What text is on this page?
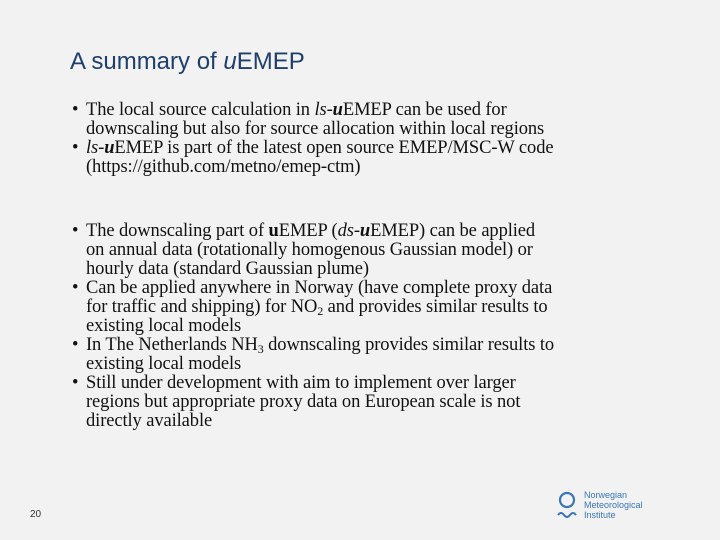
A summary of uEMEP
• The local source calculation in ls-uEMEP can be used for
downscaling but also for source allocation within local regions
• ls-uEMEP is part of the latest open source EMEP/MSC-W code
(https://github.com/metno/emep-ctm)
• The downscaling part of uEMEP (ds-uEMEP) can be applied
on annual data (rotationally homogenous Gaussian model) or
hourly data (standard Gaussian plume)
• Can be applied anywhere in Norway (have complete proxy data
for traffic and shipping) for $NO_2$ and provides similar results to
existing local models
• In The Netherlands $NH_3$ downscaling provides similar results to
existing local models
• Still under development with aim to implement over larger
regions but appropriate proxy data on European scale is not
directly available
20
Norwegian
Meteorological
Institute
